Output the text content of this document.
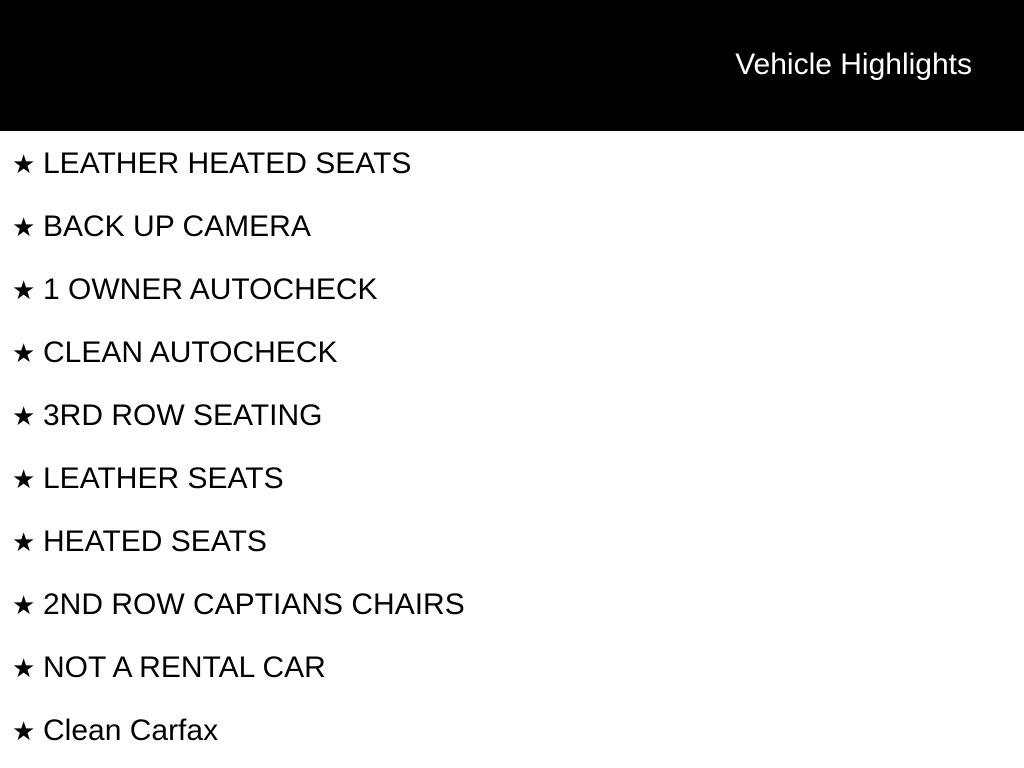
Vehicle Highlights
★ LEATHER HEATED SEATS
★ BACK UP CAMERA
★ 1 OWNER AUTOCHECK
★ CLEAN AUTOCHECK
★ 3RD ROW SEATING
★ LEATHER SEATS
★ HEATED SEATS
★ 2ND ROW CAPTIANS CHAIRS
★ NOT A RENTAL CAR
★ Clean Carfax
